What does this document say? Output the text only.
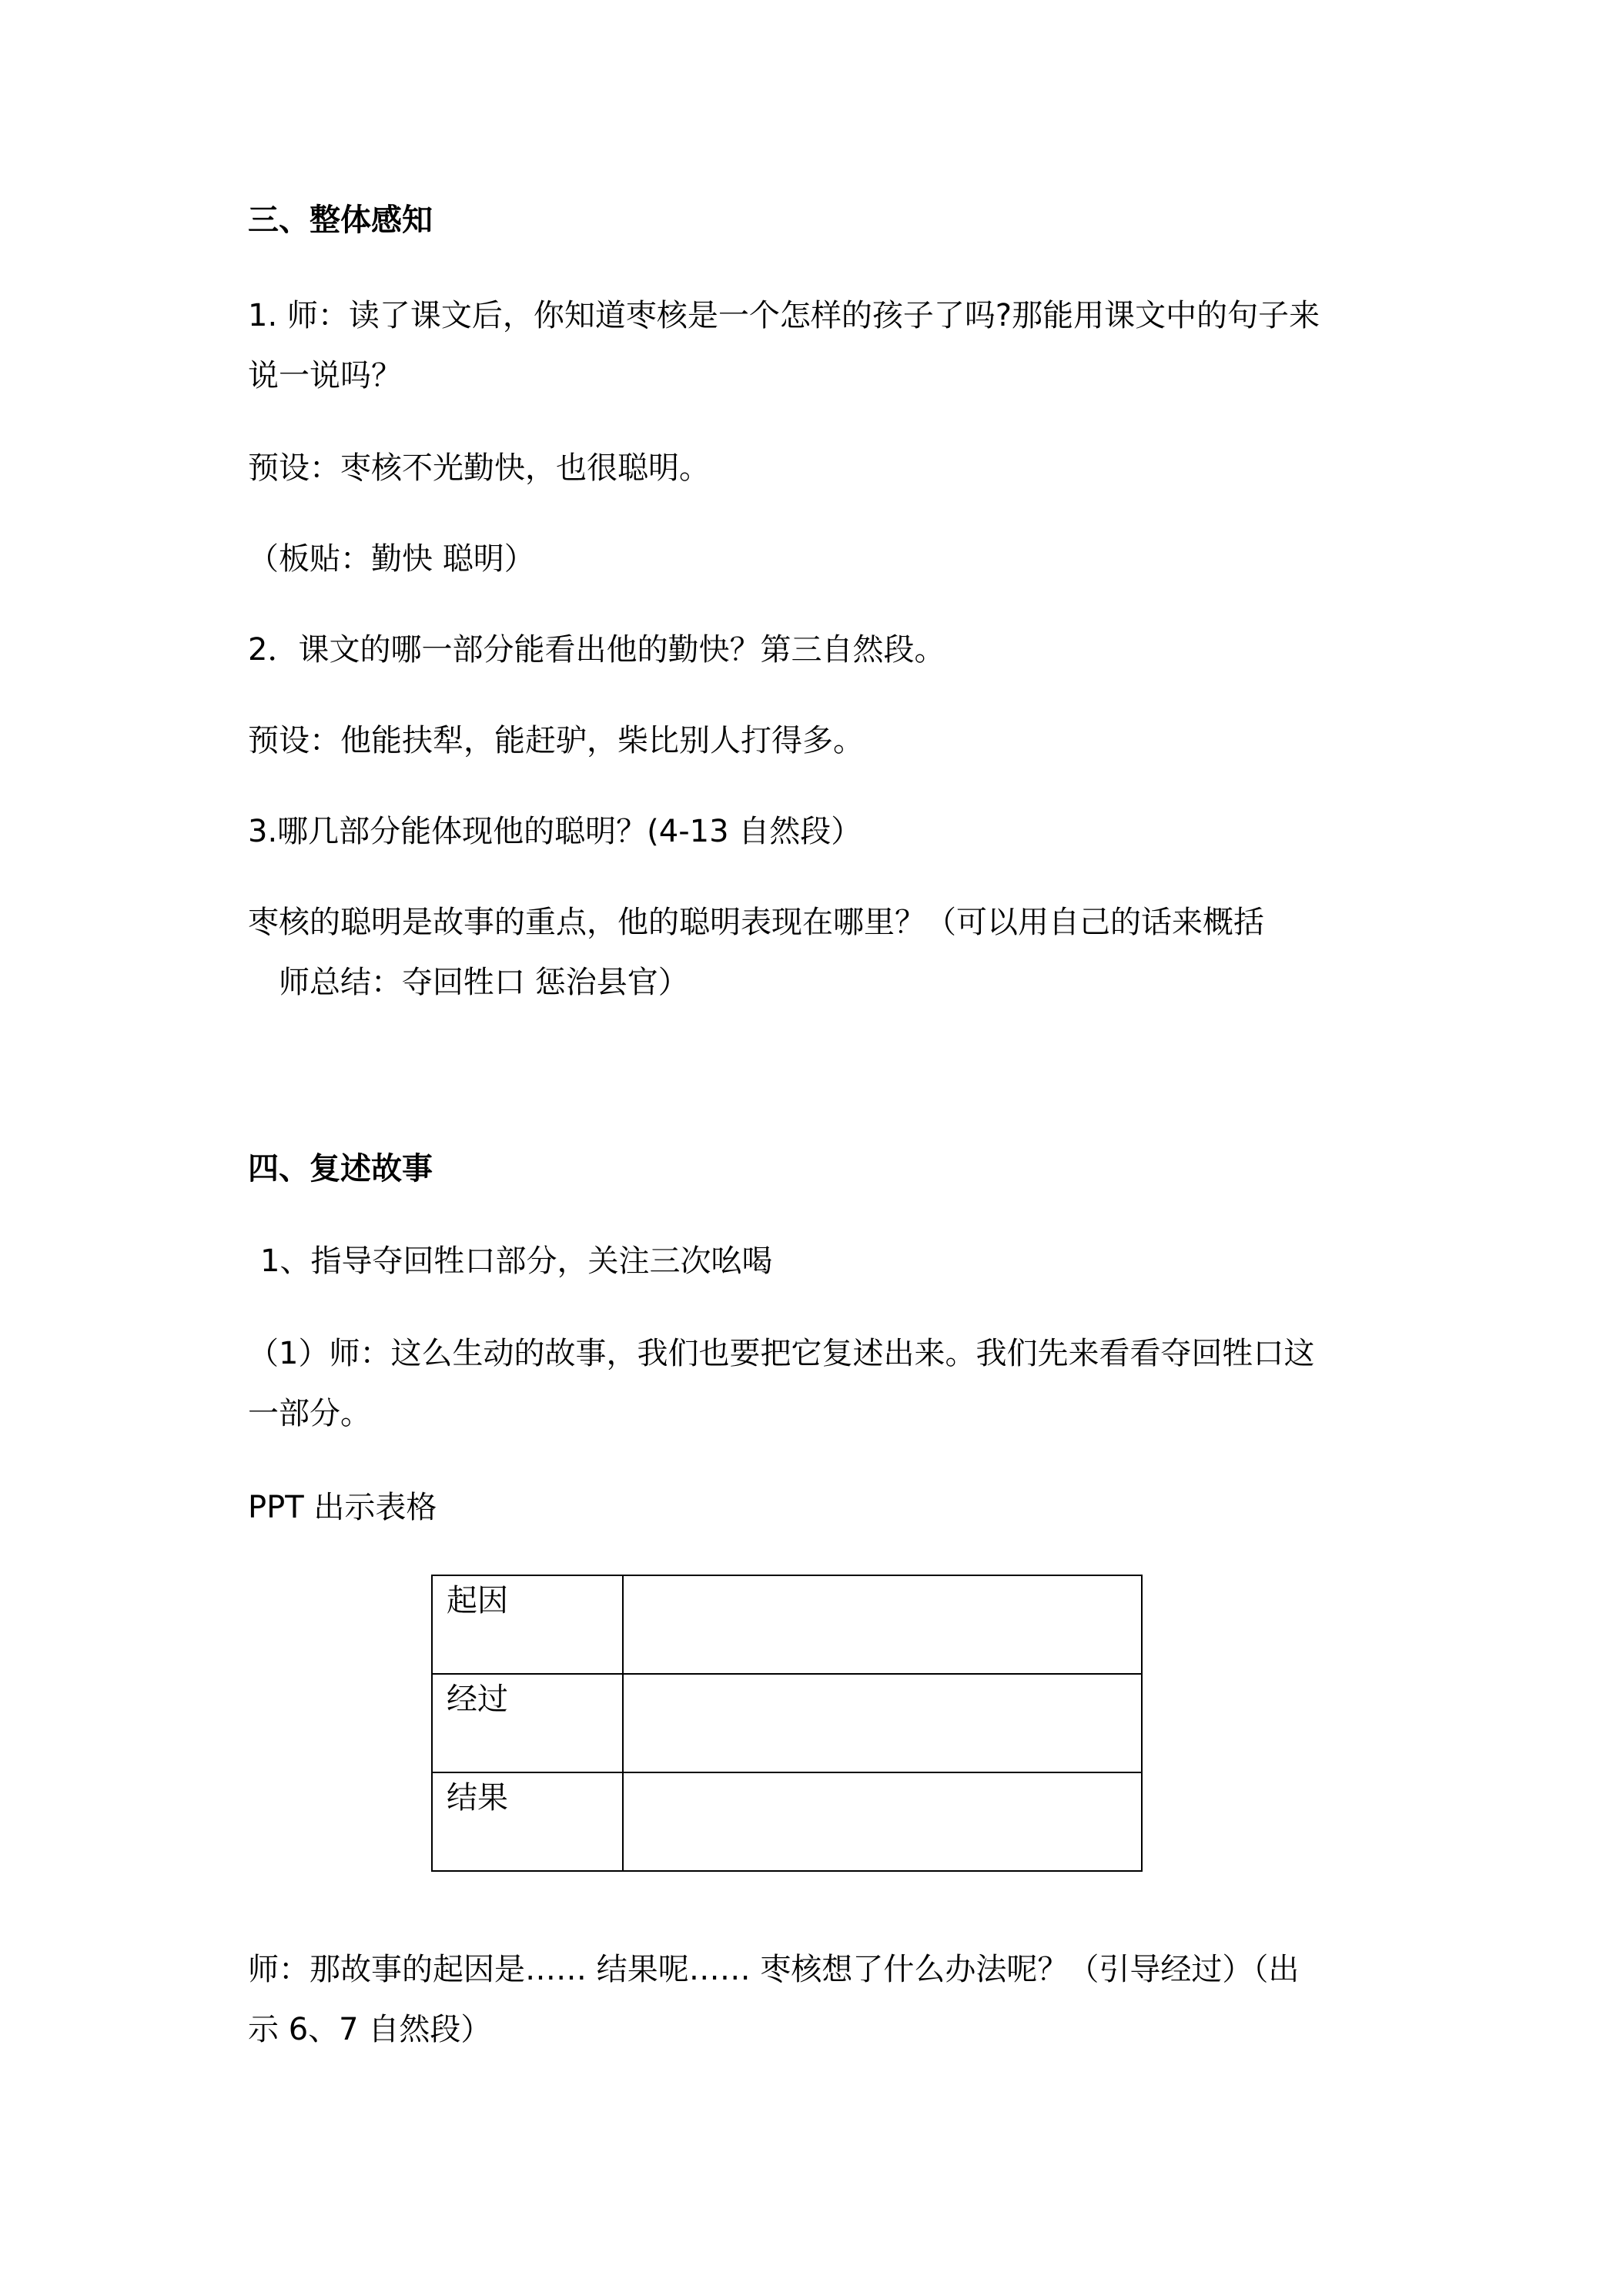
三、整体感知
1. 师：读了课文后，你知道枣核是一个怎样的孩子了吗?那能用课文中的句子来
说一说吗？
预设：枣核不光勤快，也很聪明。
（板贴：勤快 聪明）
2．课文的哪一部分能看出他的勤快？第三自然段。
预设：他能扶犁，能赶驴，柴比别人打得多。
3.哪几部分能体现他的聪明？(4-13 自然段）
枣核的聪明是故事的重点，他的聪明表现在哪里？（可以用自己的话来概括
师总结：夺回牲口 惩治县官）
四、复述故事
1、指导夺回牲口部分，关注三次吆喝
（1）师：这么生动的故事，我们也要把它复述出来。我们先来看看夺回牲口这
一部分。
PPT 出示表格
起因	
经过	
结果	
师：那故事的起因是…… 结果呢…… 枣核想了什么办法呢？（引导经过）（出
示 6、7 自然段）
